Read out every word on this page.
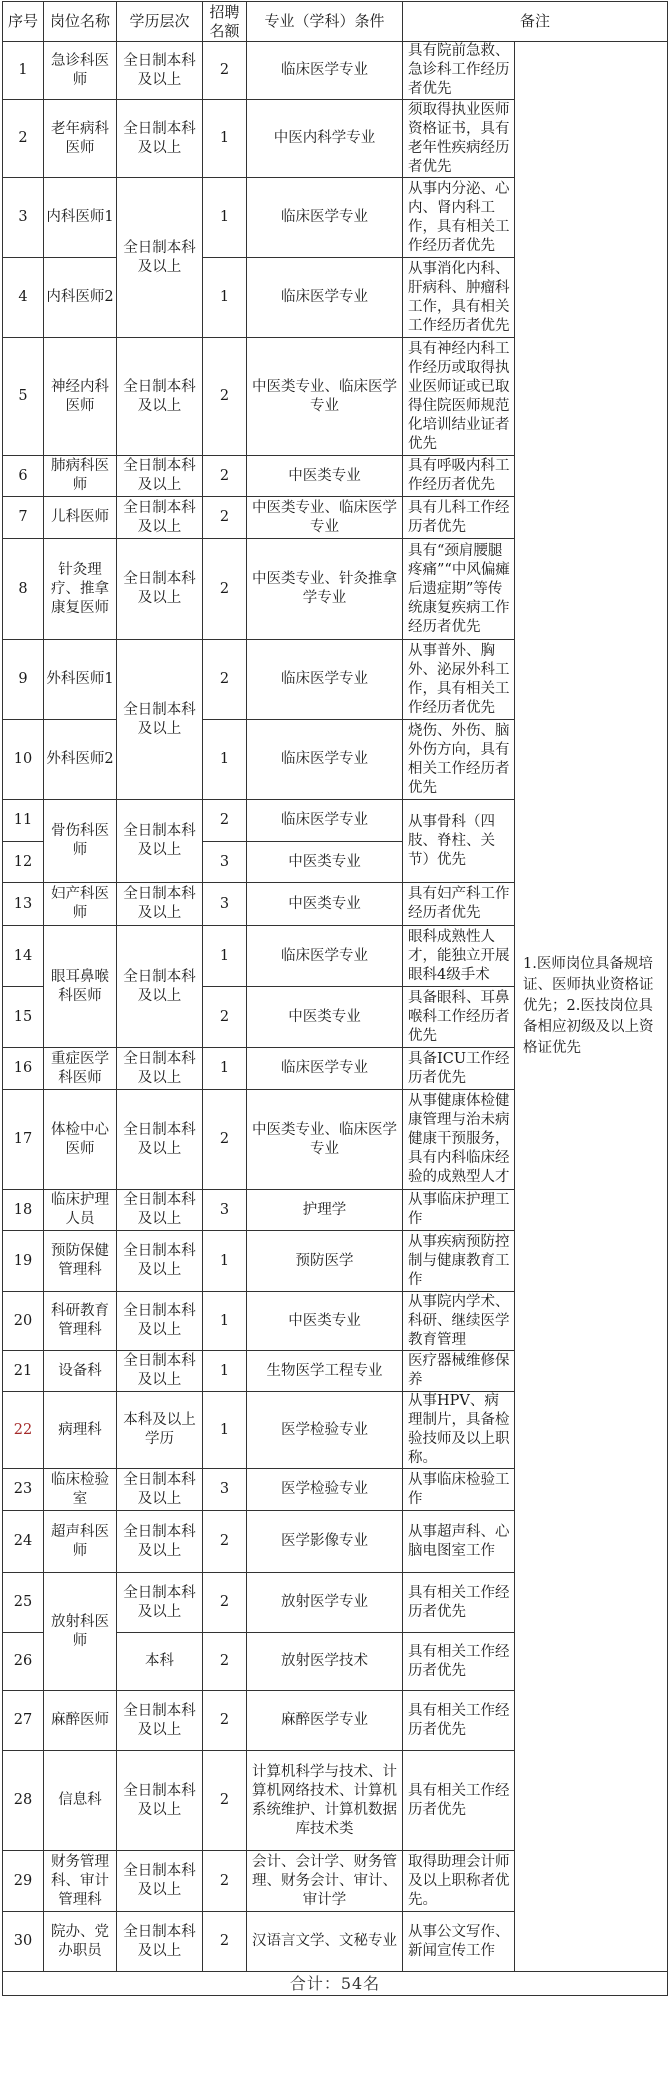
序号	岗位名称	学历层次	招聘名额	专业（学科）条件	备注	
1	急诊科医师	全日制本科及以上	2	临床医学专业	具有院前急救、急诊科工作经历者优先	1.医师岗位具备规培证、医师执业资格证优先；2.医技岗位具备相应初级及以上资格证优先
2	老年病科医师	全日制本科及以上	1	中医内科学专业	须取得执业医师资格证书，具有老年性疾病经历者优先	
3	内科医师1	全日制本科及以上	1	临床医学专业	从事内分泌、心内、肾内科工作，具有相关工作经历者优先	
4	内科医师2		1	临床医学专业	从事消化内科、肝病科、肿瘤科工作，具有相关工作经历者优先	
5	神经内科医师	全日制本科及以上	2	中医类专业、临床医学专业	具有神经内科工作经历或取得执业医师证或已取得住院医师规范化培训结业证者优先	
6	肺病科医师	全日制本科及以上	2	中医类专业	具有呼吸内科工作经历者优先	
7	儿科医师	全日制本科及以上	2	中医类专业、临床医学专业	具有儿科工作经历者优先	
8	针灸理疗、推拿康复医师	全日制本科及以上	2	中医类专业、针灸推拿学专业	具有“颈肩腰腿疼痛”“中风偏瘫后遗症期”等传统康复疾病工作经历者优先	
9	外科医师1	全日制本科及以上	2	临床医学专业	从事普外、胸外、泌尿外科工作，具有相关工作经历者优先	
10	外科医师2		1	临床医学专业	烧伤、外伤、脑外伤方向，具有相关工作经历者优先	
11	骨伤科医师	全日制本科及以上	2	临床医学专业	从事骨科（四肢、脊柱、关节）优先	
12			3	中医类专业		
13	妇产科医师	全日制本科及以上	3	中医类专业	具有妇产科工作经历者优先	
14	眼耳鼻喉科医师	全日制本科及以上	1	临床医学专业	眼科成熟性人才，能独立开展眼科4级手术	
15			2	中医类专业	具备眼科、耳鼻喉科工作经历者优先	
16	重症医学科医师	全日制本科及以上	1	临床医学专业	具备ICU工作经历者优先	
17	体检中心医师	全日制本科及以上	2	中医类专业、临床医学专业	从事健康体检健康管理与治未病健康干预服务，具有内科临床经验的成熟型人才	
18	临床护理人员	全日制本科及以上	3	护理学	从事临床护理工作	
19	预防保健管理科	全日制本科及以上	1	预防医学	从事疾病预防控制与健康教育工作	
20	科研教育管理科	全日制本科及以上	1	中医类专业	从事院内学术、科研、继续医学教育管理	
21	设备科	全日制本科及以上	1	生物医学工程专业	医疗器械维修保养	
22	病理科	本科及以上学历	1	医学检验专业	从事HPV、病理制片，具备检验技师及以上职称。	
23	临床检验室	全日制本科及以上	3	医学检验专业	从事临床检验工作	
24	超声科医师	全日制本科及以上	2	医学影像专业	从事超声科、心脑电图室工作	
25	放射科医师	全日制本科及以上	2	放射医学专业	具有相关工作经历者优先	
26		本科	2	放射医学技术	具有相关工作经历者优先	
27	麻醉医师	全日制本科及以上	2	麻醉医学专业	具有相关工作经历者优先	
28	信息科	全日制本科及以上	2	计算机科学与技术、计算机网络技术、计算机系统维护、计算机数据库技术类	具有相关工作经历者优先	
29	财务管理科、审计管理科	全日制本科及以上	2	会计、会计学、财务管理、财务会计、审计、审计学	取得助理会计师及以上职称者优先。	
30	院办、党办职员	全日制本科及以上	2	汉语言文学、文秘专业	从事公文写作、新闻宣传工作	
合计：54名						
